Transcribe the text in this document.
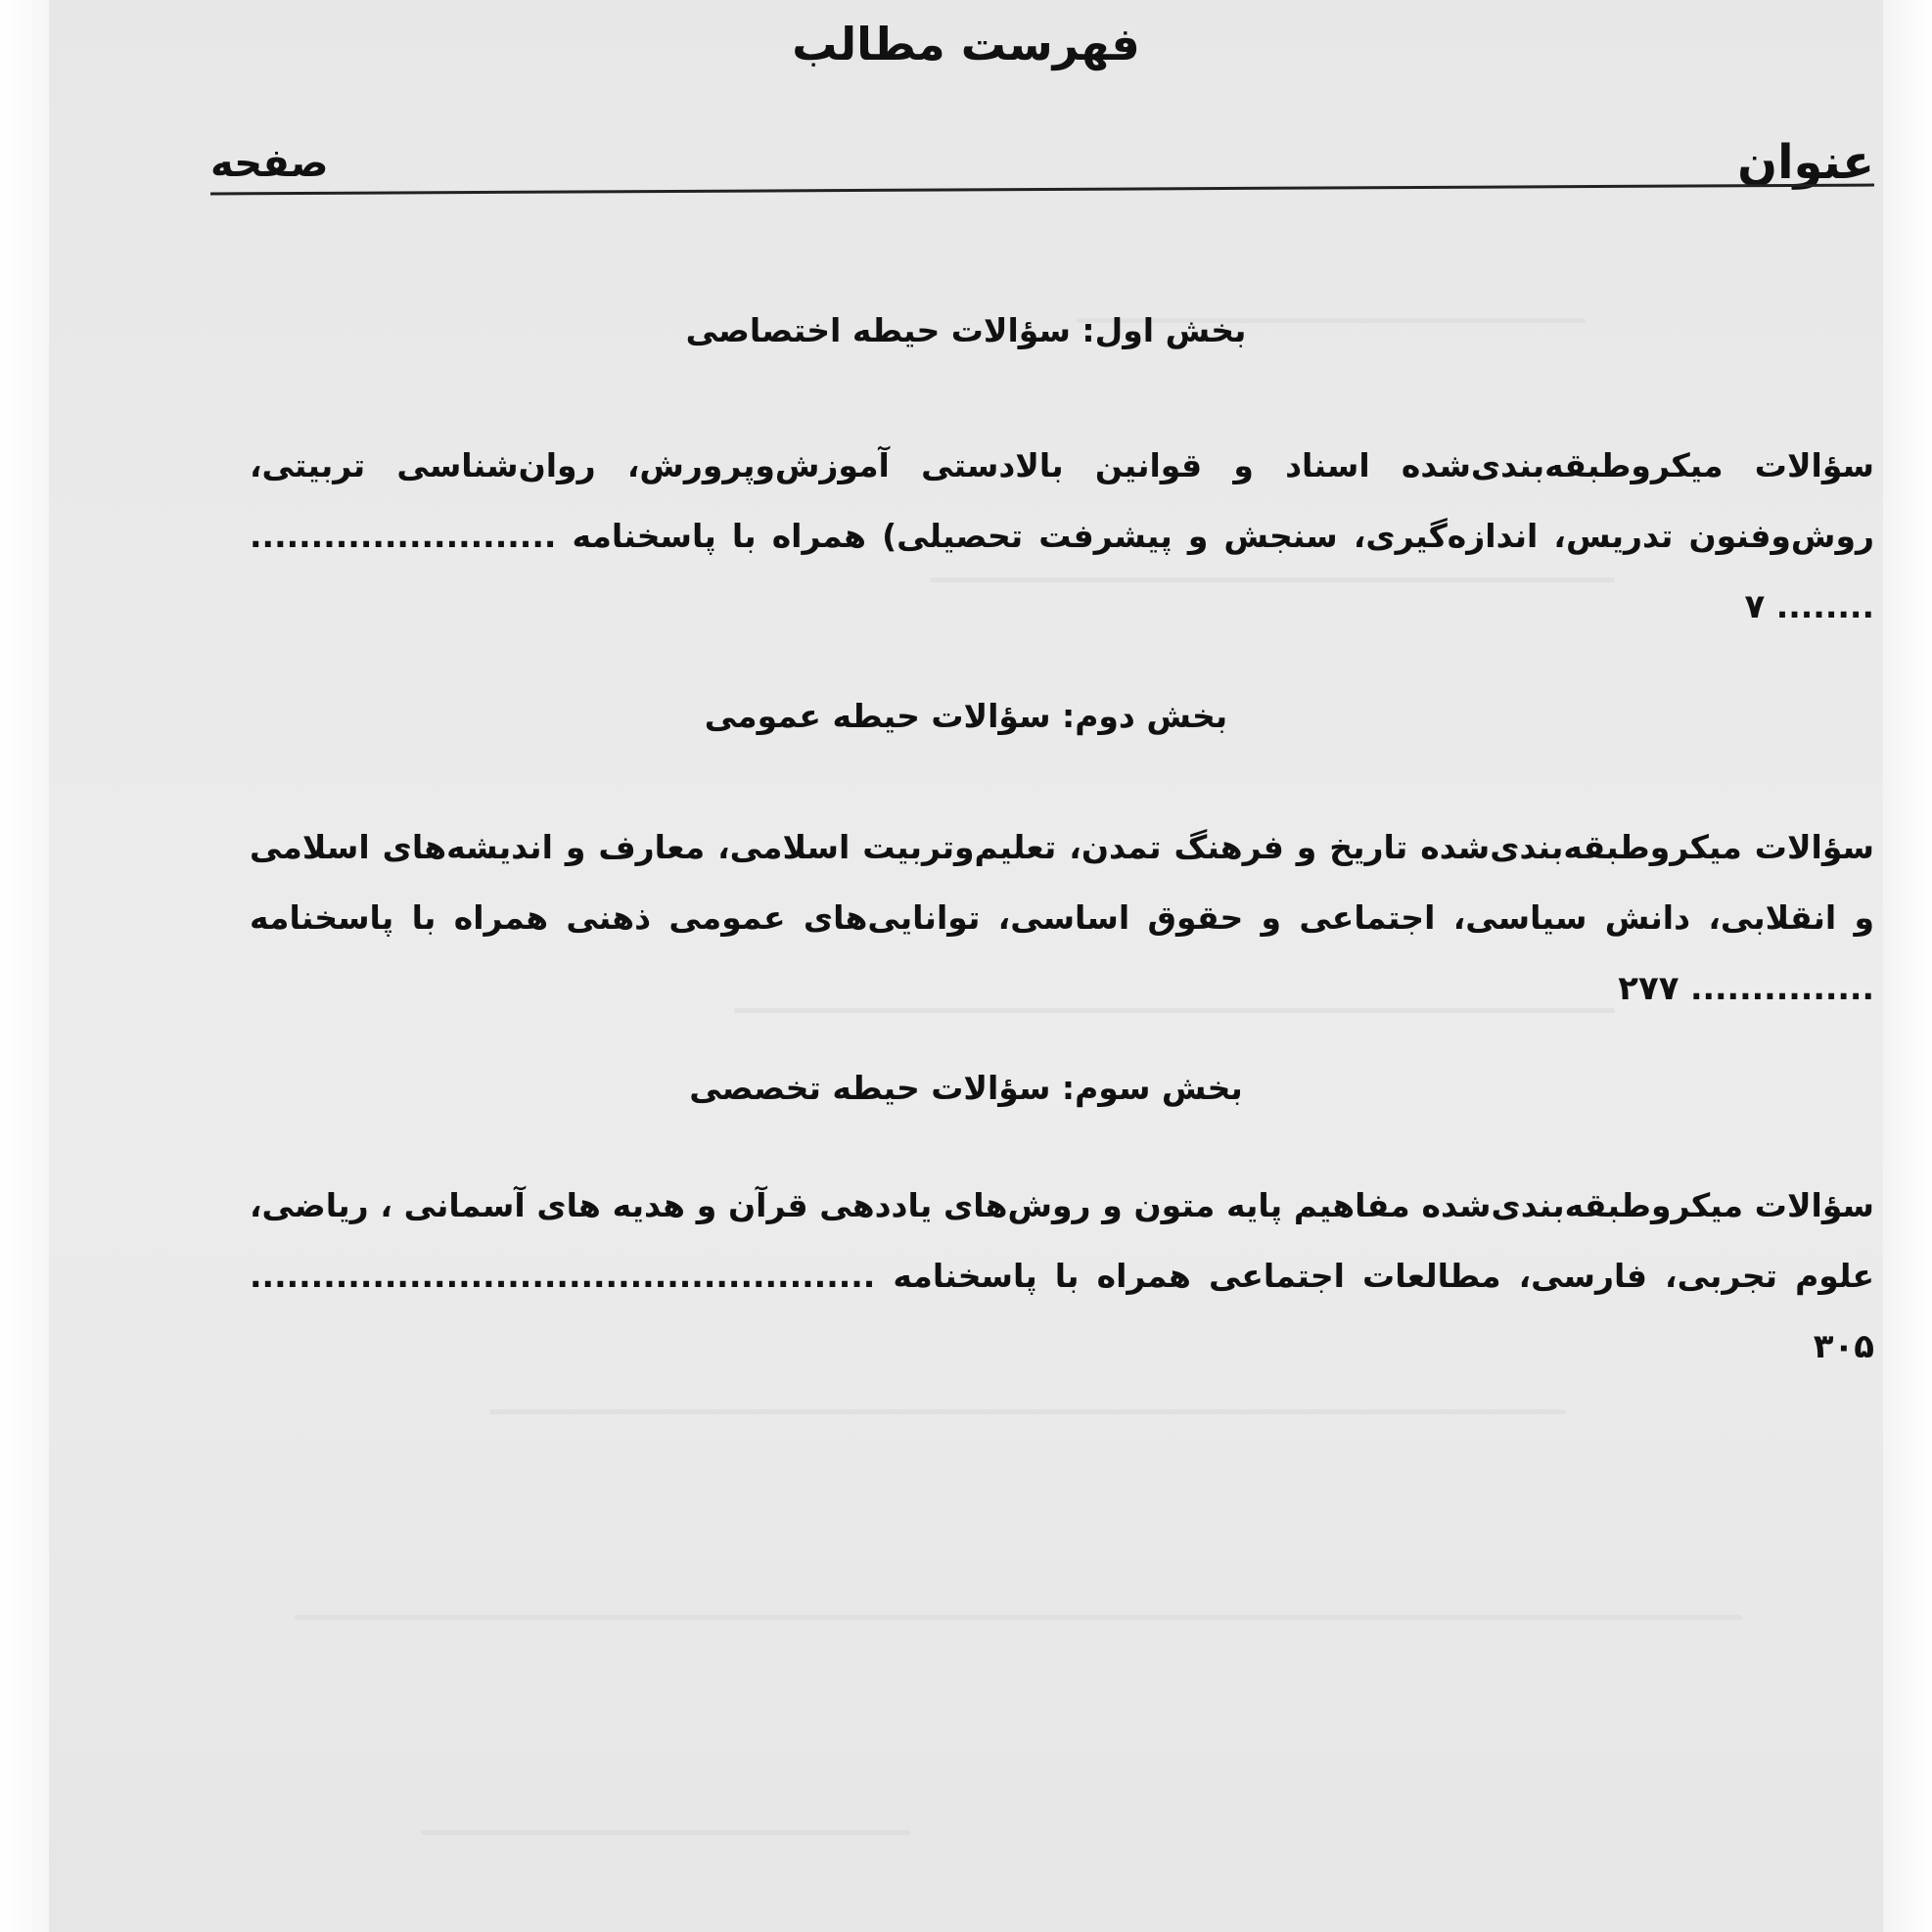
فهرست مطالب
عنوان
صفحه
بخش اول: سؤالات حیطه اختصاصی
سؤالات میکروطبقه‌بندی‌شده اسناد و قوانین بالادستی آموزش‌وپرورش، روان‌شناسی تربیتی، روش‌وفنون تدریس، اندازه‌گیری، سنجش و پیشرفت تحصیلی) همراه با پاسخنامه ......................... ........ ۷
بخش دوم: سؤالات حیطه عمومی
سؤالات میکروطبقه‌بندی‌شده تاریخ و فرهنگ تمدن، تعلیم‌وتربیت اسلامی، معارف و اندیشه‌های اسلامی و انقلابی، دانش سیاسی، اجتماعی و حقوق اساسی، توانایی‌های عمومی ذهنی همراه با پاسخنامه ............... ۲۷۷
بخش سوم: سؤالات حیطه تخصصی
سؤالات میکروطبقه‌بندی‌شده مفاهیم پایه متون و روش‌های یاددهی قرآن و هدیه های آسمانی ، ریاضی، علوم تجربی، فارسی، مطالعات اجتماعی همراه با پاسخنامه ................................................... ۳۰۵
